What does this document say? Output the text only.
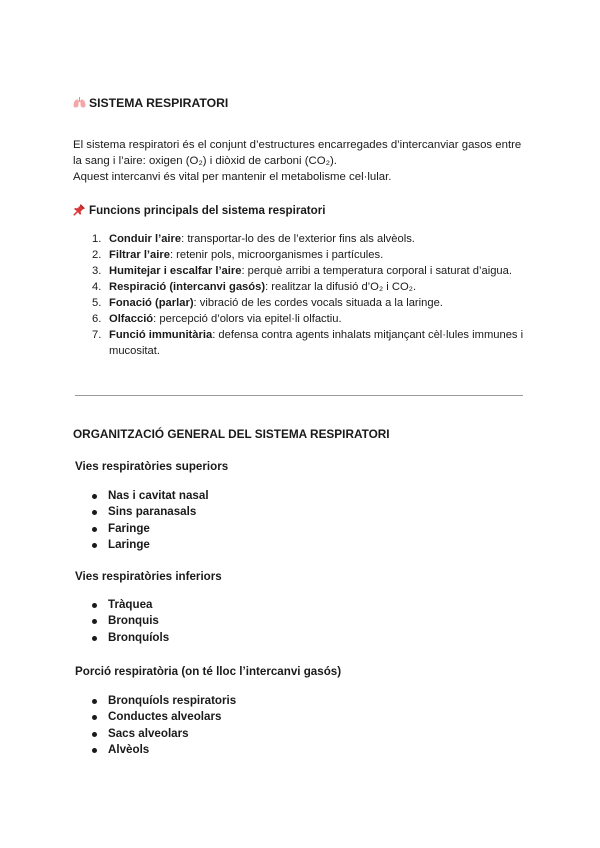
SISTEMA RESPIRATORI

El sistema respiratori és el conjunt d’estructures encarregades d’intercanviar gasos entre la sang i l’aire: oxigen (O₂) i diòxid de carboni (CO₂).

Aquest intercanvi és vital per mantenir el metabolisme cel·lular.

Funcions principals del sistema respiratori
1. Conduir l’aire: transportar-lo des de l’exterior fins als alvèols.
2. Filtrar l’aire: retenir pols, microorganismes i partícules.
3. Humitejar i escalfar l’aire: perquè arribi a temperatura corporal i saturat d’aigua.
4. Respiració (intercanvi gasós): realitzar la difusió d’O₂ i CO₂.
5. Fonació (parlar): vibració de les cordes vocals situada a la laringe.
6. Olfacció: percepció d’olors via epitel·li olfactiu.
7. Funció immunitària: defensa contra agents inhalats mitjançant cèl·lules immunes i mucositat.
ORGANITZACIÓ GENERAL DEL SISTEMA RESPIRATORI
Vies respiratòries superiors
Nas i cavitat nasal
Sins paranasals
Faringe
Laringe
Vies respiratòries inferiors
Tràquea
Bronquis
Bronquíols
Porció respiratòria (on té lloc l’intercanvi gasós)
Bronquíols respiratoris
Conductes alveolars
Sacs alveolars
Alvèols
